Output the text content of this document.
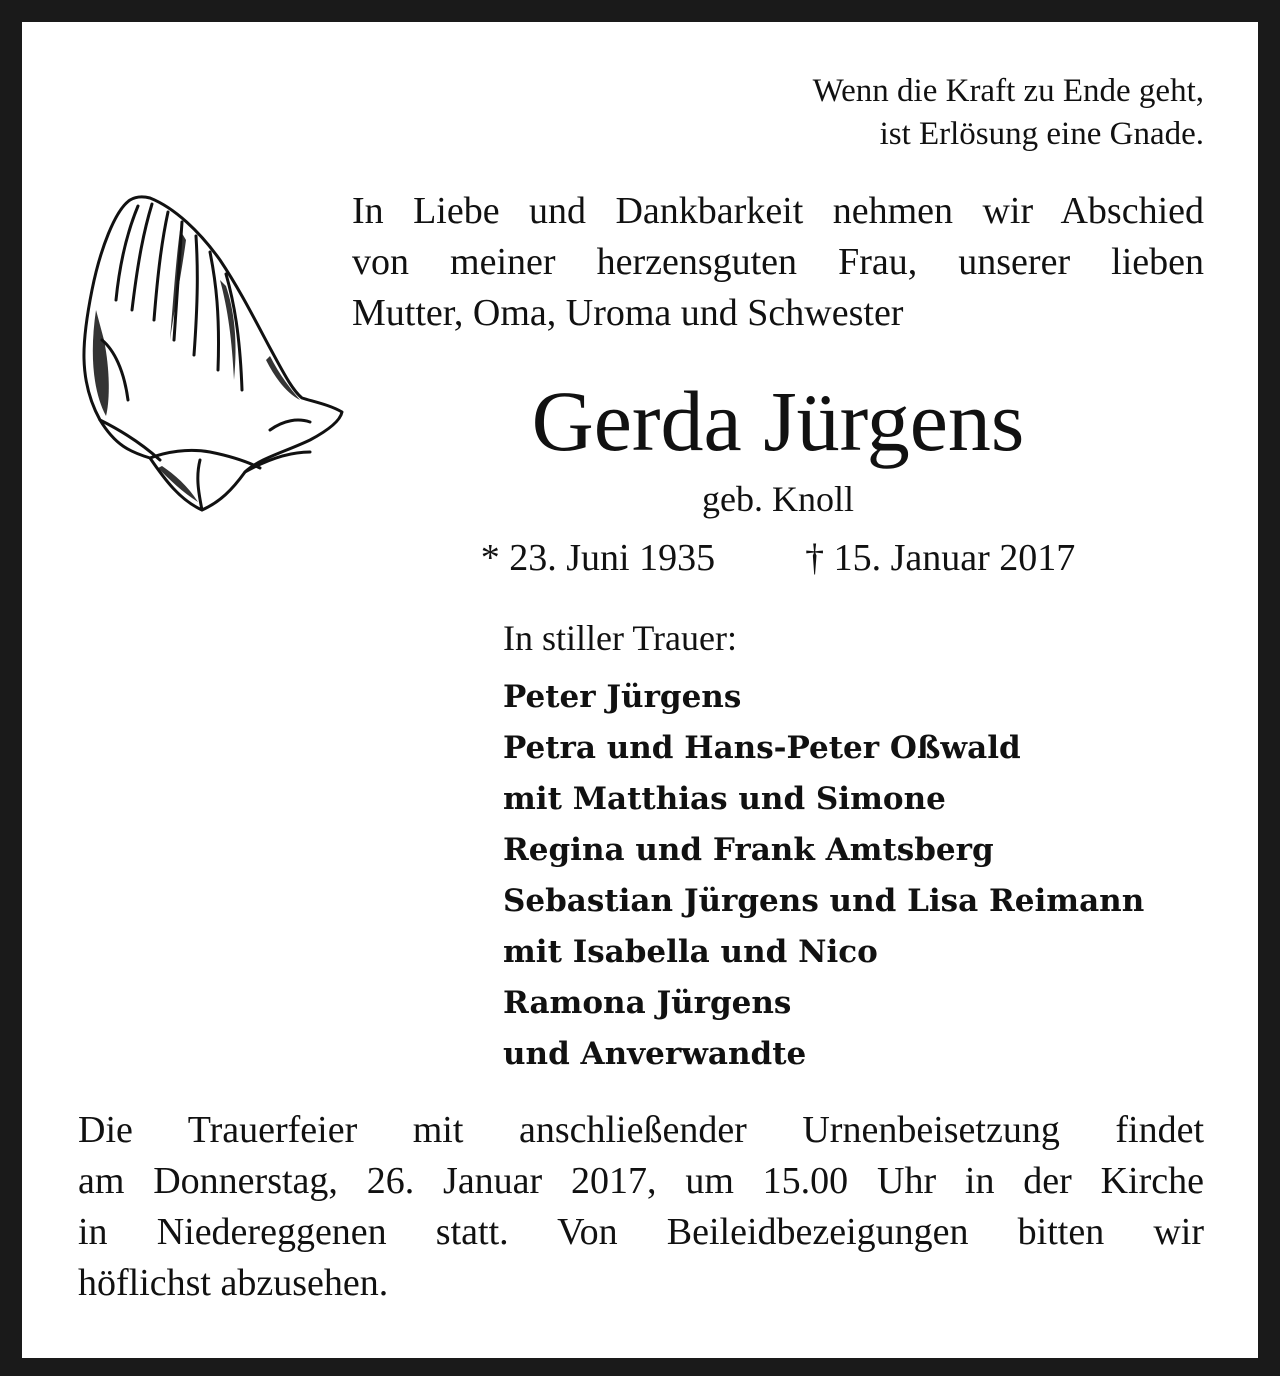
Wenn die Kraft zu Ende geht,
ist Erlösung eine Gnade.
In Liebe und Dankbarkeit nehmen wir Abschied
von meiner herzensguten Frau, unserer lieben
Mutter, Oma, Uroma und Schwester
Gerda Jürgens
geb. Knoll
* 23. Juni 1935 † 15. Januar 2017
In stiller Trauer:
Peter Jürgens
Petra und Hans-Peter Oßwald
mit Matthias und Simone
Regina und Frank Amtsberg
Sebastian Jürgens und Lisa Reimann
mit Isabella und Nico
Ramona Jürgens
und Anverwandte
Die Trauerfeier mit anschließender Urnenbeisetzung findet
am Donnerstag, 26. Januar 2017, um 15.00 Uhr in der Kirche
in Niedereggenen statt. Von Beileidbezeigungen bitten wir
höflichst abzusehen.
